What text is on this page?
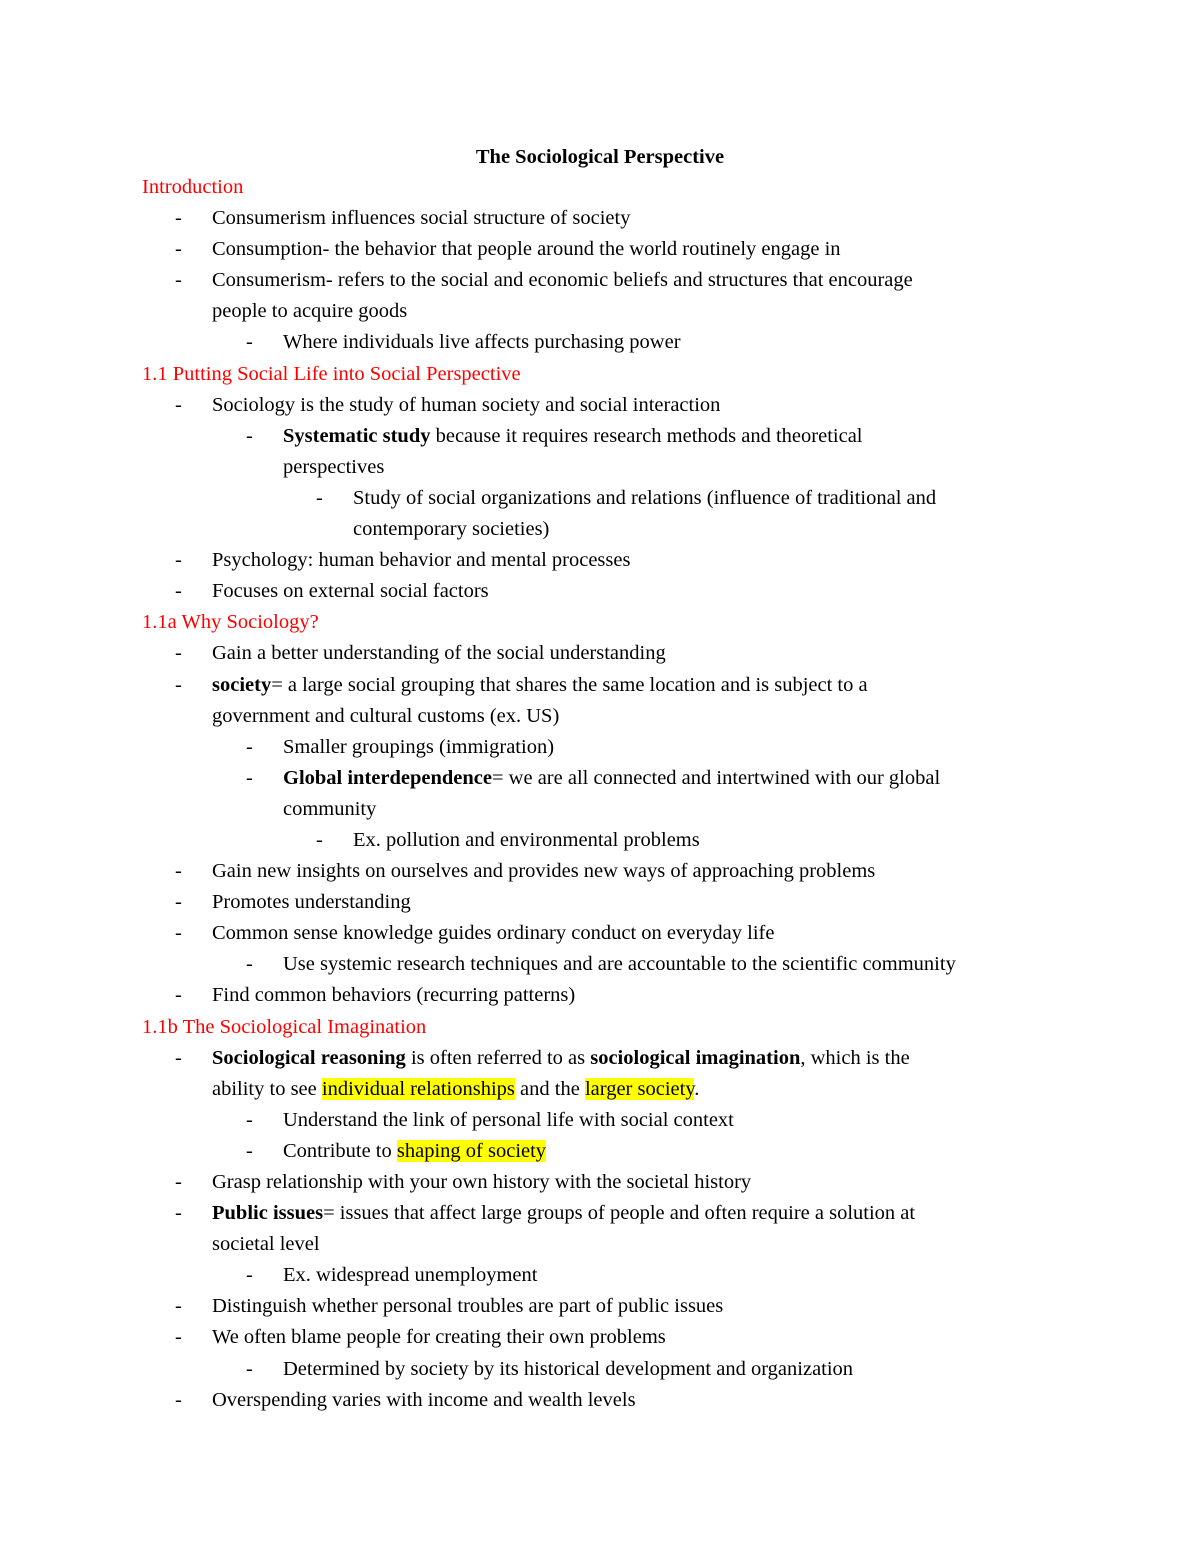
The Sociological Perspective
Introduction
- Consumerism influences social structure of society
- Consumption- the behavior that people around the world routinely engage in
- Consumerism- refers to the social and economic beliefs and structures that encourage
people to acquire goods
- Where individuals live affects purchasing power
1.1 Putting Social Life into Social Perspective
- Sociology is the study of human society and social interaction
- Systematic study because it requires research methods and theoretical
perspectives
- Study of social organizations and relations (influence of traditional and
contemporary societies)
- Psychology: human behavior and mental processes
- Focuses on external social factors
1.1a Why Sociology?
- Gain a better understanding of the social understanding
- society= a large social grouping that shares the same location and is subject to a
government and cultural customs (ex. US)
- Smaller groupings (immigration)
- Global interdependence= we are all connected and intertwined with our global
community
- Ex. pollution and environmental problems
- Gain new insights on ourselves and provides new ways of approaching problems
- Promotes understanding
- Common sense knowledge guides ordinary conduct on everyday life
- Use systemic research techniques and are accountable to the scientific community
- Find common behaviors (recurring patterns)
1.1b The Sociological Imagination
- Sociological reasoning is often referred to as sociological imagination, which is the
ability to see individual relationships and the larger society.
- Understand the link of personal life with social context
- Contribute to shaping of society
- Grasp relationship with your own history with the societal history
- Public issues= issues that affect large groups of people and often require a solution at
societal level
- Ex. widespread unemployment
- Distinguish whether personal troubles are part of public issues
- We often blame people for creating their own problems
- Determined by society by its historical development and organization
- Overspending varies with income and wealth levels
